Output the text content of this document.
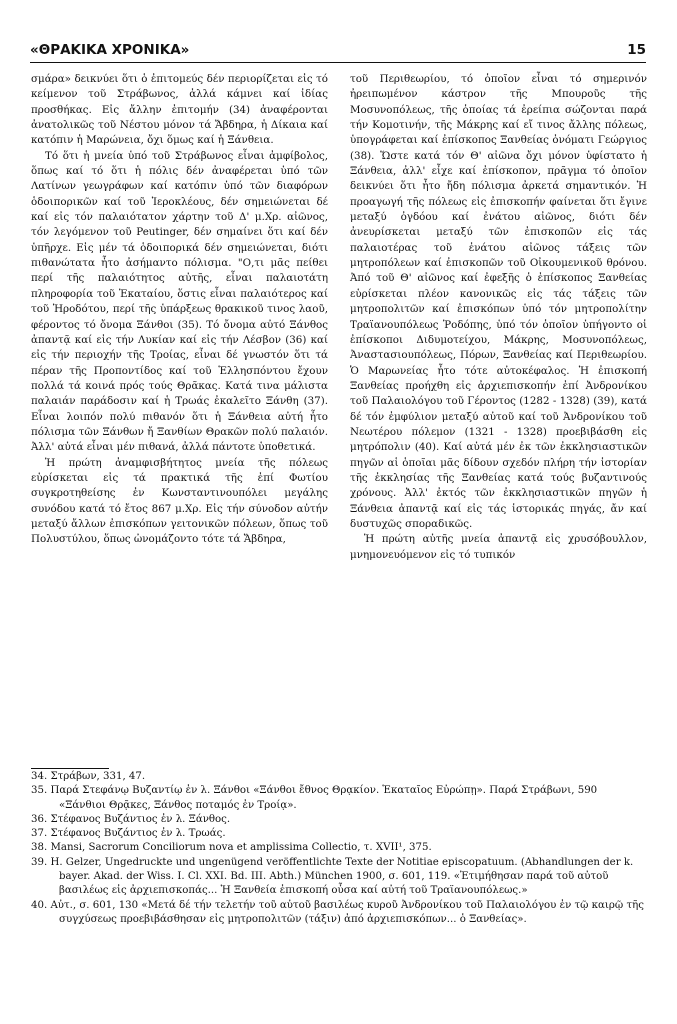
«ΘΡΑΚΙΚΑ ΧΡΟΝΙΚΑ»	15

σμάρα» δεικνύει ὅτι ὁ ἐπιτομεύς δέν περιορίζεται εἰς τό κείμενον τοῦ Στράβωνος, ἀλλά κάμνει καί ἰδίας προσθήκας. Εἰς ἄλλην ἐπιτομήν (34) ἀναφέρονται ἀνατολικῶς τοῦ Νέστου μόνον τά Ἄβδηρα, ἡ Δίκαια καί κατόπιν ἡ Μαρώνεια, ὄχι ὅμως καί ἡ Ξάνθεια.

Τό ὅτι ἡ μνεία ὑπό τοῦ Στράβωνος εἶναι ἀμφίβολος, ὅπως καί τό ὅτι ἡ πόλις δέν ἀναφέρεται ὑπό τῶν Λατίνων γεωγράφων καί κατόπιν ὑπό τῶν διαφόρων ὁδοιπορικῶν καί τοῦ Ἱεροκλέους, δέν σημειώνεται δέ καί εἰς τόν παλαιότατον χάρτην τοῦ Δ' μ.Χρ. αἰῶνος, τόν λεγόμενον τοῦ Peutinger, δέν σημαίνει ὅτι καί δέν ὑπῆρχε. Εἰς μέν τά ὁδοιπορικά δέν σημειώνεται, διότι πιθανώτατα ἦτο ἀσήμαντο πόλισμα. "Ο,τι μᾶς πείθει περί τῆς παλαιότητος αὐτῆς, εἶναι παλαιοτάτη πληροφορία τοῦ Ἑκαταίου, ὅστις εἶναι παλαιότερος καί τοῦ Ἡροδότου, περί τῆς ὑπάρξεως θρακικοῦ τινος λαοῦ, φέροντος τό ὄνομα Ξάνθοι (35). Τό ὄνομα αὐτό Ξάνθος ἀπαντᾷ καί εἰς τήν Λυκίαν καί εἰς τήν Λέσβον (36) καί εἰς τήν περιοχήν τῆς Τροίας, εἶναι δέ γνωστόν ὅτι τά πέραν τῆς Προποντίδος καί τοῦ Ἑλλησπόντου ἔχουν πολλά τά κοινά πρός τούς Θρᾶκας. Κατά τινα μάλιστα παλαιάν παράδοσιν καί ἡ Τρωάς ἐκαλεῖτο Ξάνθη (37). Εἶναι λοιπόν πολύ πιθανόν ὅτι ἡ Ξάνθεια αὐτή ἦτο πόλισμα τῶν Ξάνθων ἤ Ξανθίων Θρακῶν πολύ παλαιόν. Ἀλλ' αὐτά εἶναι μέν πιθανά, ἀλλά πάντοτε ὑποθετικά.

Ἡ πρώτη ἀναμφισβήτητος μνεία τῆς πόλεως εὑρίσκεται εἰς τά πρακτικά τῆς ἐπί Φωτίου συγκροτηθείσης ἐν Κωνσταντινουπόλει μεγάλης συνόδου κατά τό ἔτος 867 μ.Χρ. Εἰς τήν σύνοδον αὐτήν μεταξύ ἄλλων ἐπισκόπων γειτονικῶν πόλεων, ὅπως τοῦ Πολυστύλου, ὅπως ὠνομάζοντο τότε τά Ἄβδηρα,

τοῦ Περιθεωρίου, τό ὁποῖον εἶναι τό σημερινόν ἠρειπωμένον κάστρον τῆς Μπουροῦς τῆς Μοσυνοπόλεως, τῆς ὁποίας τά ἐρείπια σώζονται παρά τήν Κομοτινήν, τῆς Μάκρης καί εἴ τινος ἄλλης πόλεως, ὑπογράφεται καί ἐπίσκοπος Ξανθείας ὀνόματι Γεώργιος (38). Ὥστε κατά τόν Θ' αἰῶνα ὄχι μόνον ὑφίστατο ἡ Ξάνθεια, ἀλλ' εἶχε καί ἐπίσκοπον, πρᾶγμα τό ὁποῖον δεικνύει ὅτι ἦτο ἤδη πόλισμα ἀρκετά σημαντικόν. Ἡ προαγωγή τῆς πόλεως εἰς ἐπισκοπήν φαίνεται ὅτι ἔγινε μεταξύ ὀγδόου καί ἐνάτου αἰῶνος, διότι δέν ἀνευρίσκεται μεταξύ τῶν ἐπισκοπῶν εἰς τάς παλαιοτέρας τοῦ ἐνάτου αἰῶνος τάξεις τῶν μητροπόλεων καί ἐπισκοπῶν τοῦ Οἰκουμενικοῦ θρόνου. Ἀπό τοῦ Θ' αἰῶνος καί ἐφεξῆς ὁ ἐπίσκοπος Ξανθείας εὑρίσκεται πλέον κανονικῶς εἰς τάς τάξεις τῶν μητροπολιτῶν καί ἐπισκόπων ὑπό τόν μητροπολίτην Τραϊανουπόλεως Ῥοδόπης, ὑπό τόν ὁποῖον ὑπήγοντο οἱ ἐπίσκοποι Διδυμοτείχου, Μάκρης, Μοσυνοπόλεως, Ἀναστασιουπόλεως, Πόρων, Ξανθείας καί Περιθεωρίου. Ὁ Μαρωνείας ἦτο τότε αὐτοκέφαλος. Ἡ ἐπισκοπή Ξανθείας προήχθη εἰς ἀρχιεπισκοπήν ἐπί Ἀνδρονίκου τοῦ Παλαιολόγου τοῦ Γέροντος (1282 - 1328) (39), κατά δέ τόν ἐμφύλιον μεταξύ αὐτοῦ καί τοῦ Ἀνδρονίκου τοῦ Νεωτέρου πόλεμον (1321 - 1328) προεβιβάσθη εἰς μητρόπολιν (40). Καί αὐτά μέν ἐκ τῶν ἐκκλησιαστικῶν πηγῶν αἱ ὁποῖαι μᾶς δίδουν σχεδόν πλήρη τήν ἱστορίαν τῆς ἐκκλησίας τῆς Ξανθείας κατά τούς βυζαντινούς χρόνους. Ἀλλ' ἐκτός τῶν ἐκκλησιαστικῶν πηγῶν ἡ Ξάνθεια ἀπαντᾷ καί εἰς τάς ἱστορικάς πηγάς, ἄν καί δυστυχῶς σποραδικῶς.

Ἡ πρώτη αὐτῆς μνεία ἀπαντᾷ εἰς χρυσόβουλλον, μνημονευόμενον εἰς τό τυπικόν

34. Στράβων, 331, 47.

35. Παρά Στεφάνῳ Βυζαντίῳ ἐν λ. Ξάνθοι «Ξάνθοι ἔθνος Θρᾳκίον. Ἑκαταῖος Εὐρώπῃ». Παρά Στράβωνι, 590 «Ξάνθιοι Θρᾷκες, Ξάνθος ποταμός ἐν Τροίᾳ».

36. Στέφανος Βυζάντιος ἐν λ. Ξάνθος.

37. Στέφανος Βυζάντιος ἐν λ. Τρωάς.

38. Mansi, Sacrorum Conciliorum nova et amplissima Collectio, τ. XVII¹, 375.

39. H. Gelzer, Ungedruckte und ungenügend veröffentlichte Texte der Notitiae episcopatuum. (Abhandlungen der k. bayer. Akad. der Wiss. I. Cl. XXI. Bd. III. Abth.) München 1900, σ. 601, 119. «Ἐτιμήθησαν παρά τοῦ αὐτοῦ βασιλέως εἰς ἀρχιεπισκοπάς... Ἡ Ξανθεία ἐπισκοπή οὖσα καί αὐτή τοῦ Τραϊανουπόλεως.»

40. Αὐτ., σ. 601, 130 «Μετά δέ τήν τελετήν τοῦ αὐτοῦ βασιλέως κυροῦ Ἀνδρονίκου τοῦ Παλαιολόγου ἐν τῷ καιρῷ τῆς συγχύσεως προεβιβάσθησαν εἰς μητροπολιτῶν (τάξιν) ἀπό ἀρχιεπισκόπων... ὁ Ξανθείας».
